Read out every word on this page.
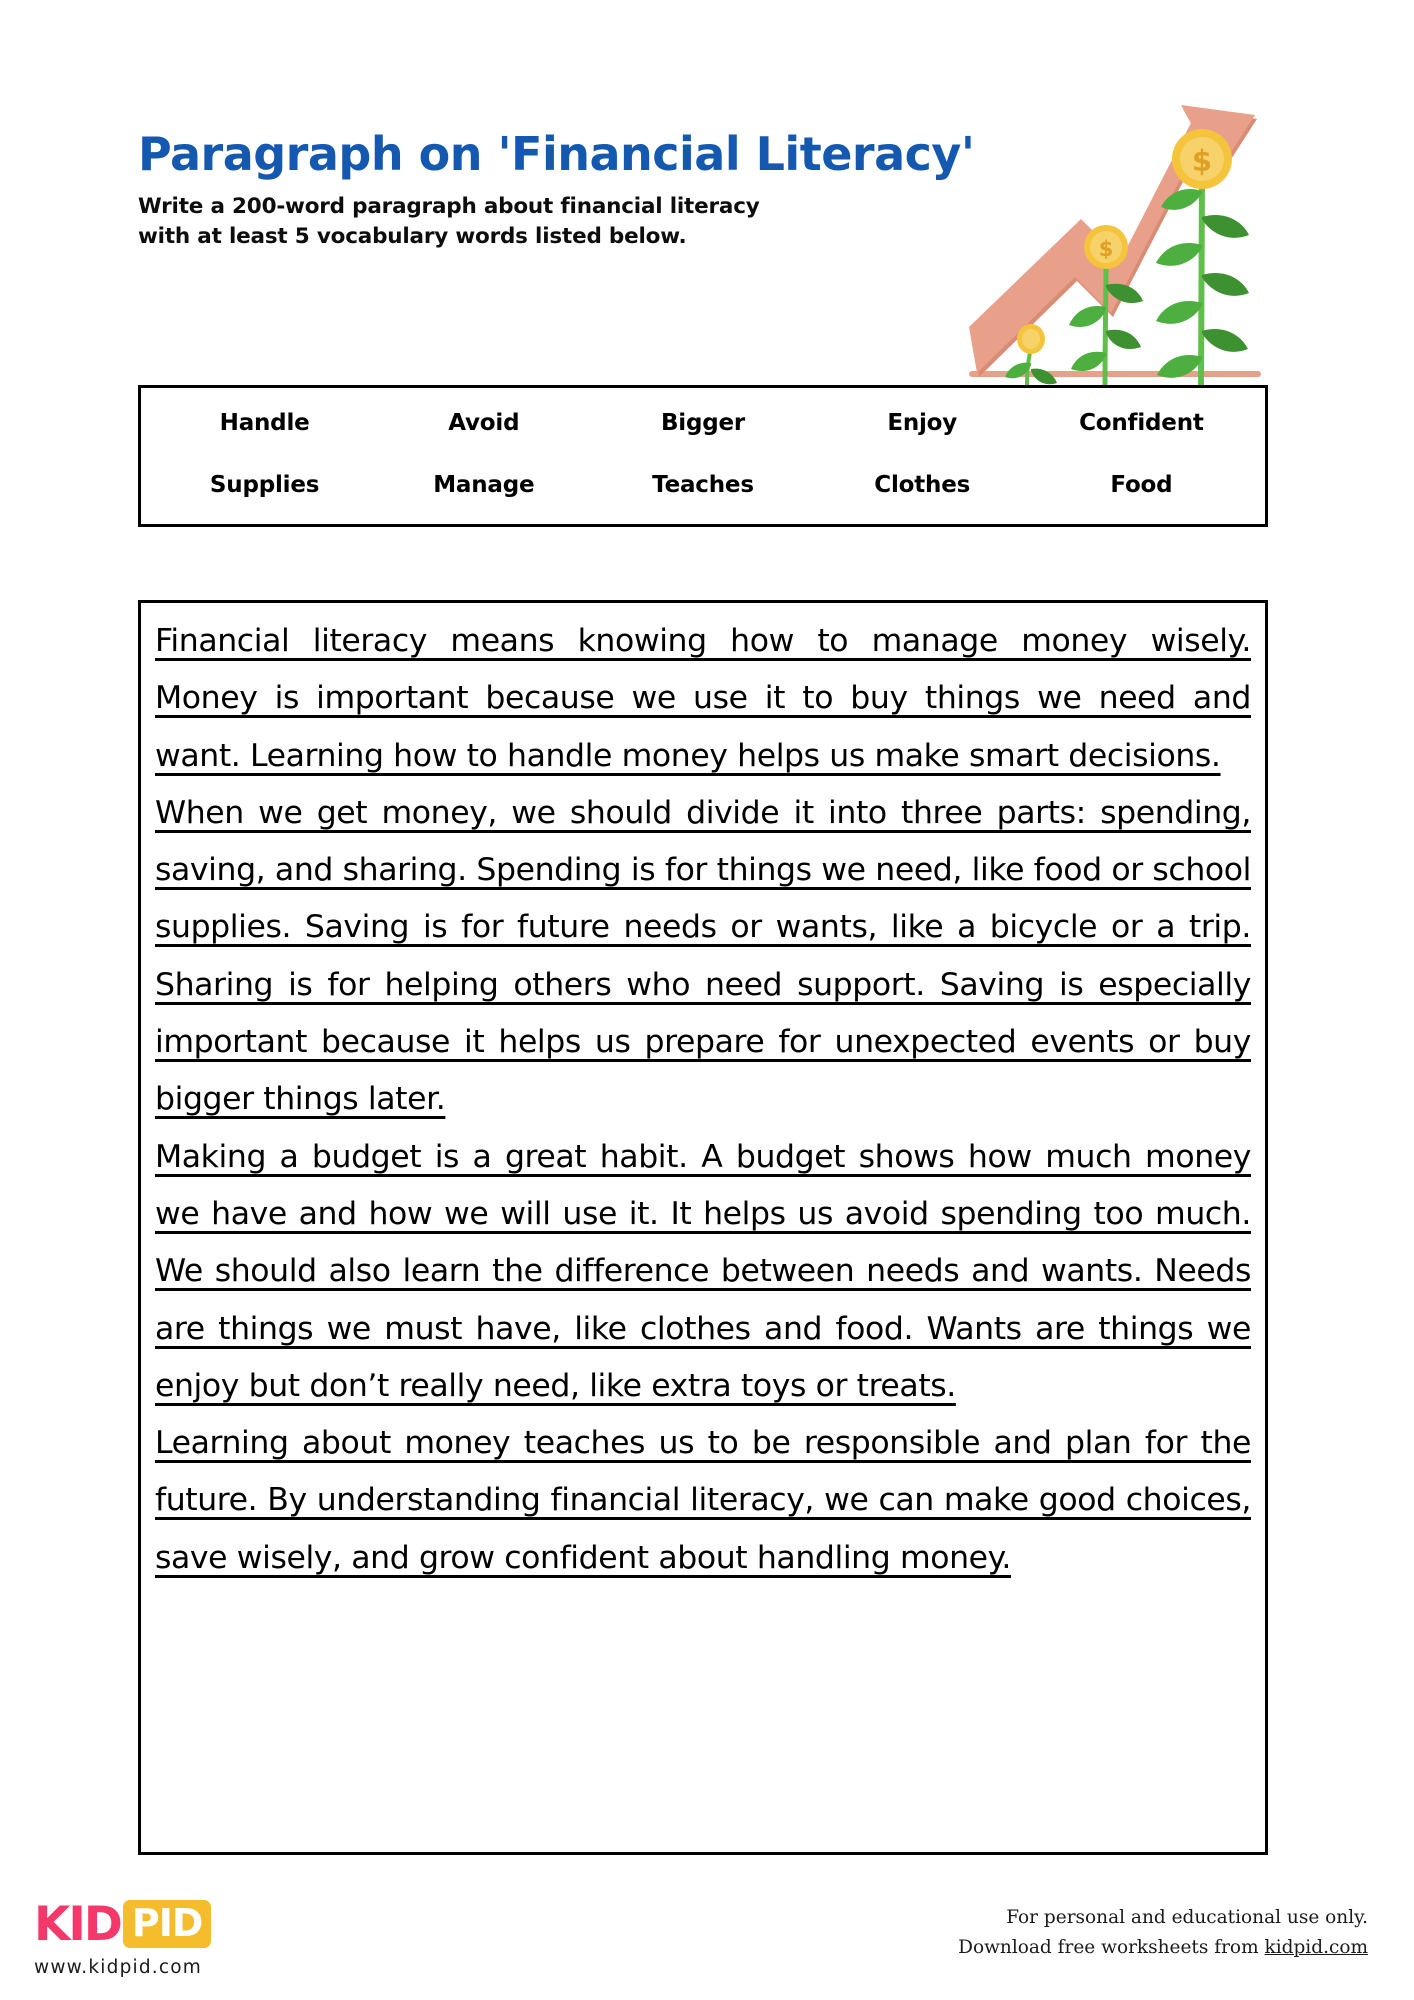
Paragraph on 'Financial Literacy'
Write a 200-word paragraph about financial literacy
with at least 5 vocabulary words listed below.	$
$
Handle	Avoid	Bigger	Enjoy	Confident
Supplies	Manage	Teaches	Clothes	Food

Financial literacy means knowing how to manage money wisely. Money is important because we use it to buy things we need and want. Learning how to handle money helps us make smart decisions.

When we get money, we should divide it into three parts: spending, saving, and sharing. Spending is for things we need, like food or school supplies. Saving is for future needs or wants, like a bicycle or a trip. Sharing is for helping others who need support. Saving is especially important because it helps us prepare for unexpected events or buy bigger things later.

Making a budget is a great habit. A budget shows how much money we have and how we will use it. It helps us avoid spending too much. We should also learn the difference between needs and wants. Needs are things we must have, like clothes and food. Wants are things we enjoy but don’t really need, like extra toys or treats.

Learning about money teaches us to be responsible and plan for the future. By understanding financial literacy, we can make good choices, save wisely, and grow confident about handling money.

KID PID
www.kidpid.com
For personal and educational use only.
Download free worksheets from kidpid.com
